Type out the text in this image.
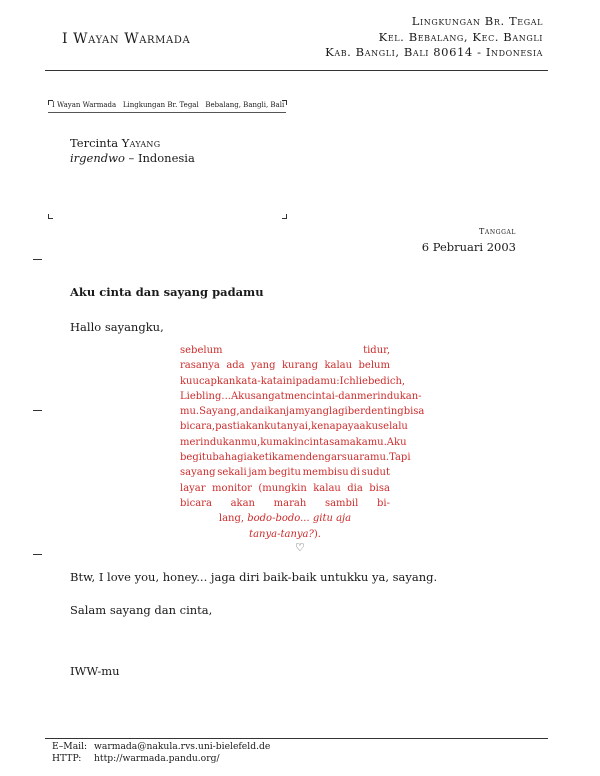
I Wayan Warmada
Lingkungan Br. Tegal
Kel. Bebalang, Kec. Bangli
Kab. Bangli, Bali 80614 - Indonesia
I Wayan Warmada   Lingkungan Br. Tegal   Bebalang, Bangli, Bali
Tercinta Yayang
irgendwo – Indonesia
Tanggal
6 Pebruari 2003
Aku cinta dan sayang padamu
Hallo sayangku,
sebelum	tidur,
rasanya ada yang kurang kalau belum
kuucapkan kata-kata ini padamu: Ich liebe dich,
Liebling... Aku sangat mencintai- dan merindukan-
mu. Sayang, andaikan jam yang lagi berdenting bisa
bicara, pasti akan kutanyai, kenapa ya aku selalu
merindukanmu, kumakin cinta sama kamu. Aku
begitu bahagia ketika mendengar suaramu. Tapi
sayang sekali jam begitu membisu di sudut
layar monitor (mungkin kalau dia bisa
bicara akan marah sambil bi-
lang, bodo-bodo... gitu aja
tanya-tanya? ).
♡
Btw, I love you, honey... jaga diri baik-baik untukku ya, sayang.
Salam sayang dan cinta,
IWW-mu
E–Mail: warmada@nakula.rvs.uni-bielefeld.de
HTTP:	http://warmada.pandu.org/
